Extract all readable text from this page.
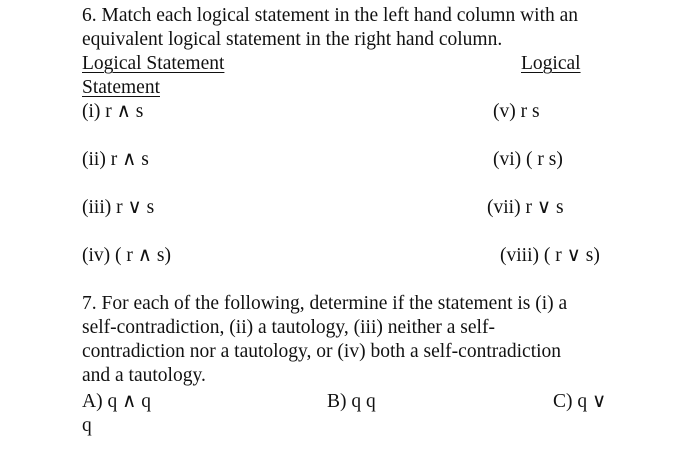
6. Match each logical statement in the left hand column with an
equivalent logical statement in the right hand column.
Logical Statement	Logical
Statement
(i) r ∧ s	(v) r s
(ii) r ∧ s	(vi) ( r s)
(iii) r ∨ s	(vii) r ∨ s
(iv) ( r ∧ s)	(viii) ( r ∨ s)
7. For each of the following, determine if the statement is (i) a
self-contradiction, (ii) a tautology, (iii) neither a self-
contradiction nor a tautology, or (iv) both a self-contradiction
and a tautology.
A) q ∧ q	B) q q	C) q ∨
q
